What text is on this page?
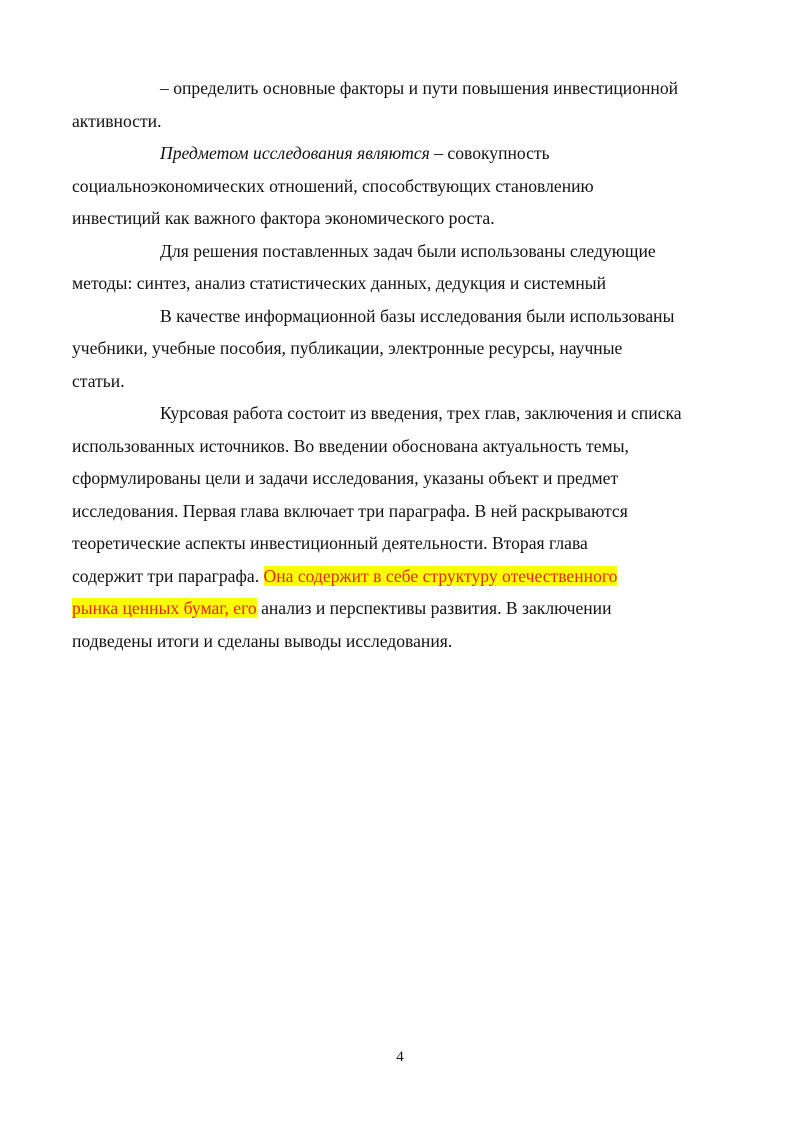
– определить основные факторы и пути повышения инвестиционной
активности.

Предметом исследования являются – совокупность
социальноэкономических отношений, способствующих становлению
инвестиций как важного фактора экономического роста.

Для решения поставленных задач были использованы следующие
методы: синтез, анализ статистических данных, дедукция и системный

В качестве информационной базы исследования были использованы
учебники, учебные пособия, публикации, электронные ресурсы, научные
статьи.

Курсовая работа состоит из введения, трех глав, заключения и списка
использованных источников. Во введении обоснована актуальность темы,
сформулированы цели и задачи исследования, указаны объект и предмет
исследования. Первая глава включает три параграфа. В ней раскрываются
теоретические аспекты инвестиционный деятельности. Вторая глава
содержит три параграфа. Она содержит в себе структуру отечественного
рынка ценных бумаг, его анализ и перспективы развития. В заключении
подведены итоги и сделаны выводы исследования.

4
